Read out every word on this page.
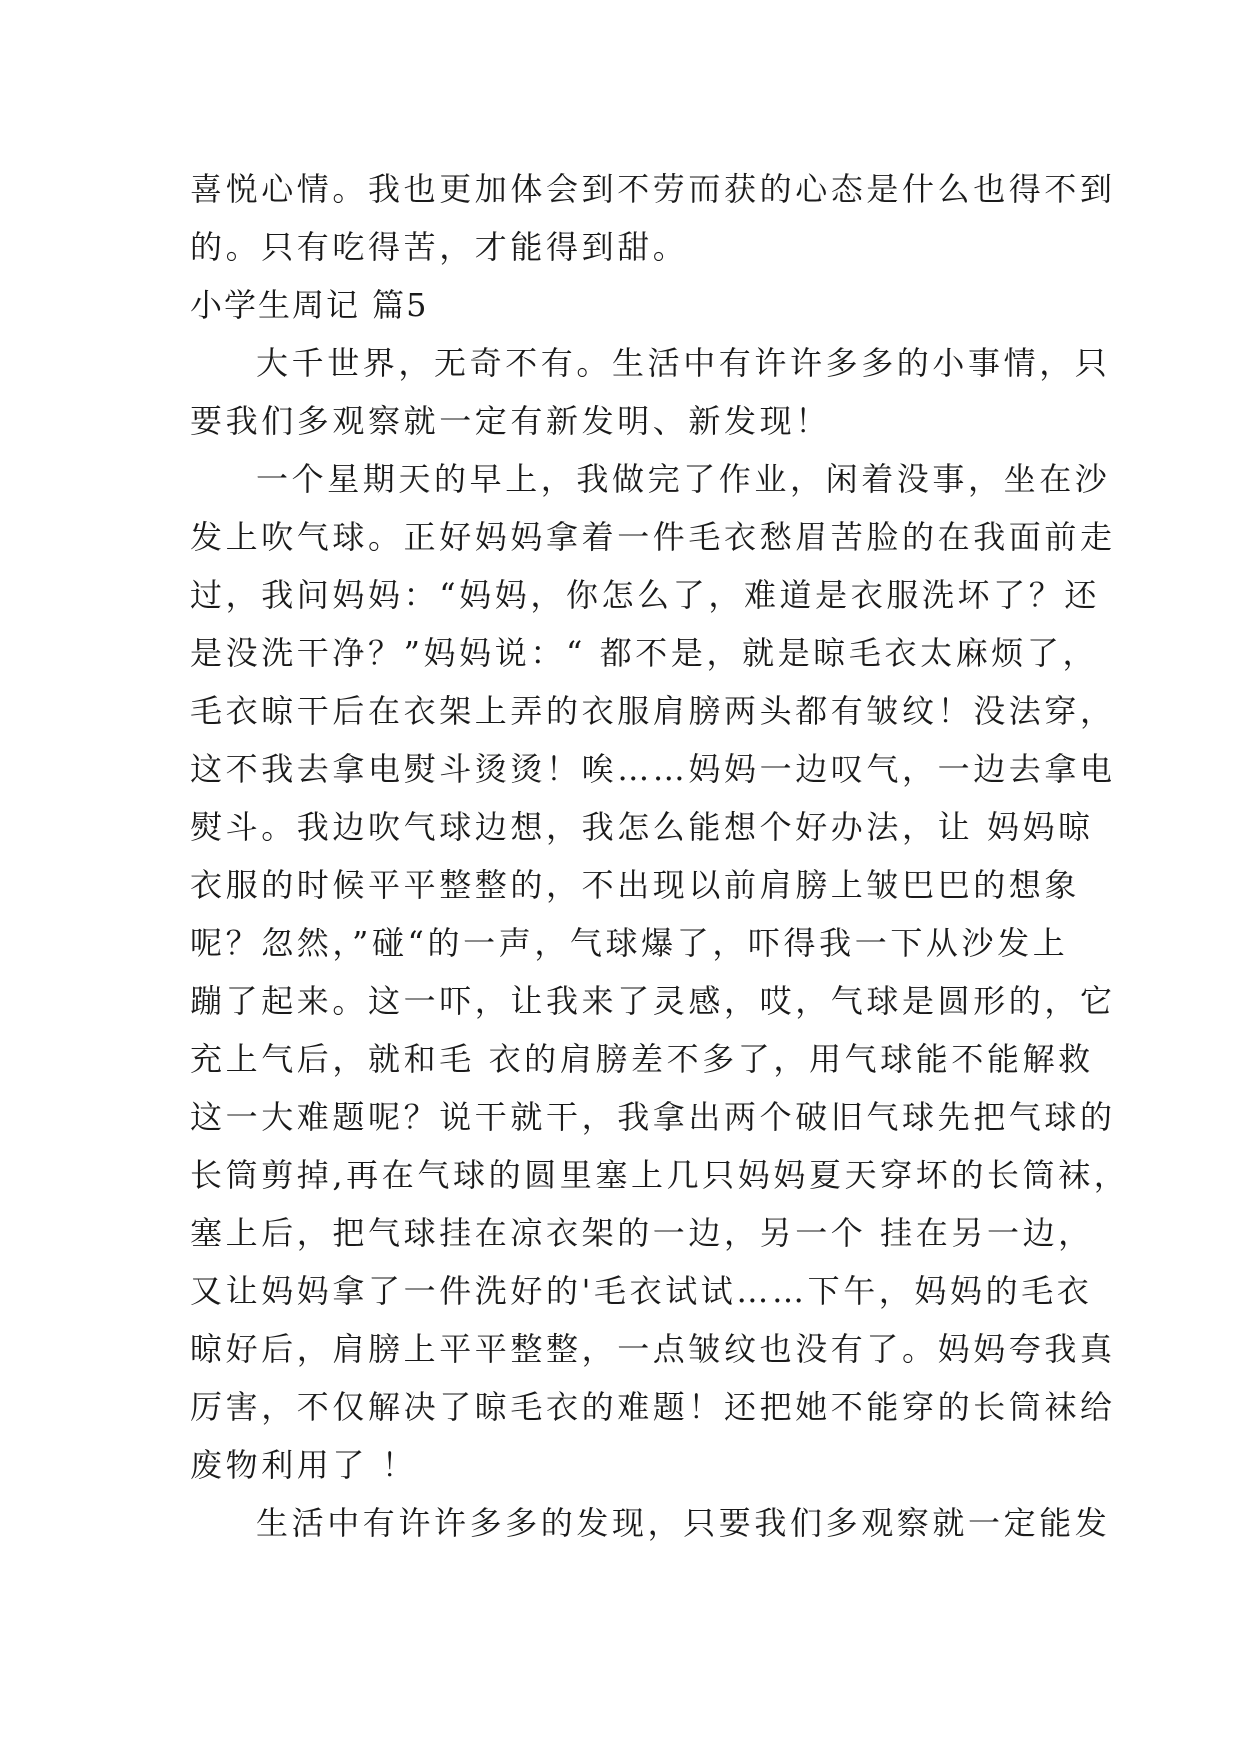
喜悦心情。我也更加体会到不劳而获的心态是什么也得不到
的。只有吃得苦，才能得到甜。
小学生周记 篇5
大千世界，无奇不有。生活中有许许多多的小事情，只
要我们多观察就一定有新发明、新发现！
一个星期天的早上，我做完了作业，闲着没事，坐在沙
发上吹气球。正好妈妈拿着一件毛衣愁眉苦脸的在我面前走
过，我问妈妈：“妈妈，你怎么了，难道是衣服洗坏了？还
是没洗干净？”妈妈说：“ 都不是，就是晾毛衣太麻烦了，
毛衣晾干后在衣架上弄的衣服肩膀两头都有皱纹！没法穿，
这不我去拿电熨斗烫烫！唉……妈妈一边叹气，一边去拿电
熨斗。我边吹气球边想，我怎么能想个好办法，让 妈妈晾
衣服的时候平平整整的，不出现以前肩膀上皱巴巴的想象
呢？忽然，”碰“的一声，气球爆了，吓得我一下从沙发上
蹦了起来。这一吓，让我来了灵感，哎，气球是圆形的，它
充上气后，就和毛 衣的肩膀差不多了，用气球能不能解救
这一大难题呢？说干就干，我拿出两个破旧气球先把气球的
长筒剪掉,再在气球的圆里塞上几只妈妈夏天穿坏的长筒袜，
塞上后，把气球挂在凉衣架的一边，另一个 挂在另一边，
又让妈妈拿了一件洗好的'毛衣试试……下午，妈妈的毛衣
晾好后，肩膀上平平整整，一点皱纹也没有了。妈妈夸我真
厉害，不仅解决了晾毛衣的难题！还把她不能穿的长筒袜给
废物利用了 ！
生活中有许许多多的发现，只要我们多观察就一定能发
